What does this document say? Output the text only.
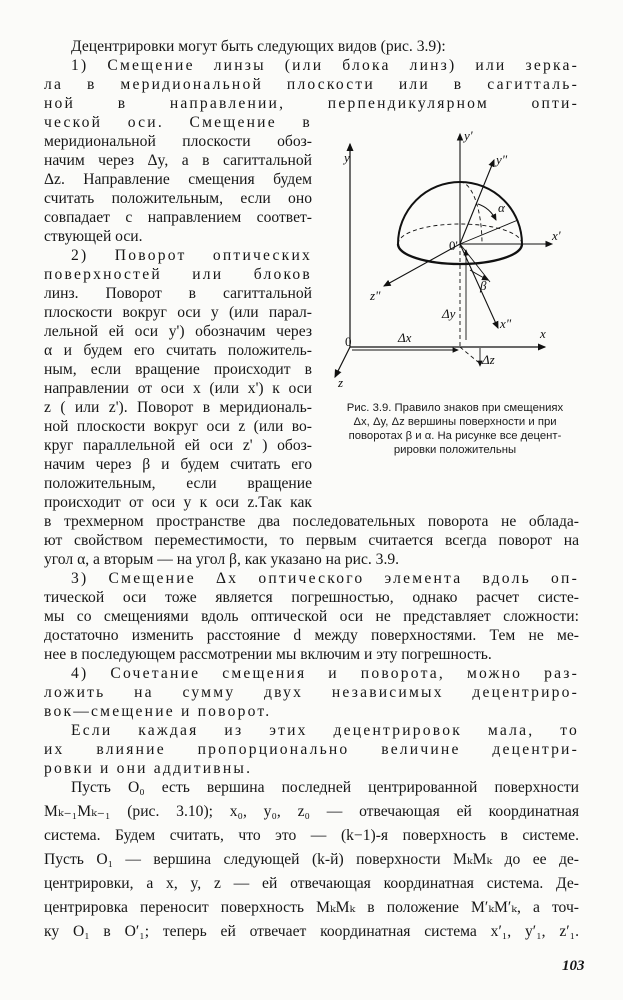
Децентрировки могут быть следующих видов (рис. 3.9):
1) Смещение линзы (или блока линз) или зерка-
ла в меридиональной плоскости или в сагитталь-
ной в направлении, перпендикулярном опти-
ческой оси. Смещение в
меридиональной плоскости обоз-
начим через Δy, а в сагиттальной
Δz. Направление смещения будем
считать положительным, если оно
совпадает с направлением соответ-
ствующей оси.
2) Поворот оптических
поверхностей или блоков
линз. Поворот в сагиттальной
плоскости вокруг оси y (или парал-
лельной ей оси y') обозначим через
α и будем его считать положитель-
ным, если вращение происходит в
направлении от оси x (или x') к оси
z ( или z'). Поворот в меридиональ-
ной плоскости вокруг оси z (или во-
круг параллельной ей оси z' ) обоз-
начим через β и будем считать его
положительным, если вращение
происходит от оси y к оси z.Так как
y
x
z
0	Δx
Δy
Δz
y'
y"
x'
x"
z"
0'
α
β
Рис. 3.9. Правило знаков при смещениях
Δx, Δy, Δz вершины поверхности и при
поворотах β и α. На рисунке все децент-
рировки положительны
в трехмерном пространстве два последовательных поворота не облада-
ют свойством переместимости, то первым считается всегда поворот на
угол α, а вторым — на угол β, как указано на рис. 3.9.
3) Смещение Δx оптического элемента вдоль оп-
тической оси тоже является погрешностью, однако расчет систе-
мы со смещениями вдоль оптической оси не представляет сложности:
достаточно изменить расстояние d между поверхностями. Тем не ме-
нее в последующем рассмотрении мы включим и эту погрешность.
4) Сочетание смещения и поворота, можно раз-
ложить на сумму двух независимых децентриро-
вок—смещение и поворот.
Если каждая из этих децентрировок мала, то
их влияние пропорционально величине децентри-
ровки и они аддитивны.
Пусть O₀ есть вершина последней центрированной поверхности
Mₖ₋₁Mₖ₋₁ (рис. 3.10); x₀, y₀, z₀ — отвечающая ей координатная
система. Будем считать, что это — (k−1)-я поверхность в системе.
Пусть O₁ — вершина следующей (k-й) поверхности MₖMₖ до ее де-
центрировки, а x, y, z — ей отвечающая координатная система. Де-
центрировка переносит поверхность MₖMₖ в положение M′ₖM′ₖ, а точ-
ку O₁ в O′₁; теперь ей отвечает координатная система x′₁, y′₁, z′₁.
103
